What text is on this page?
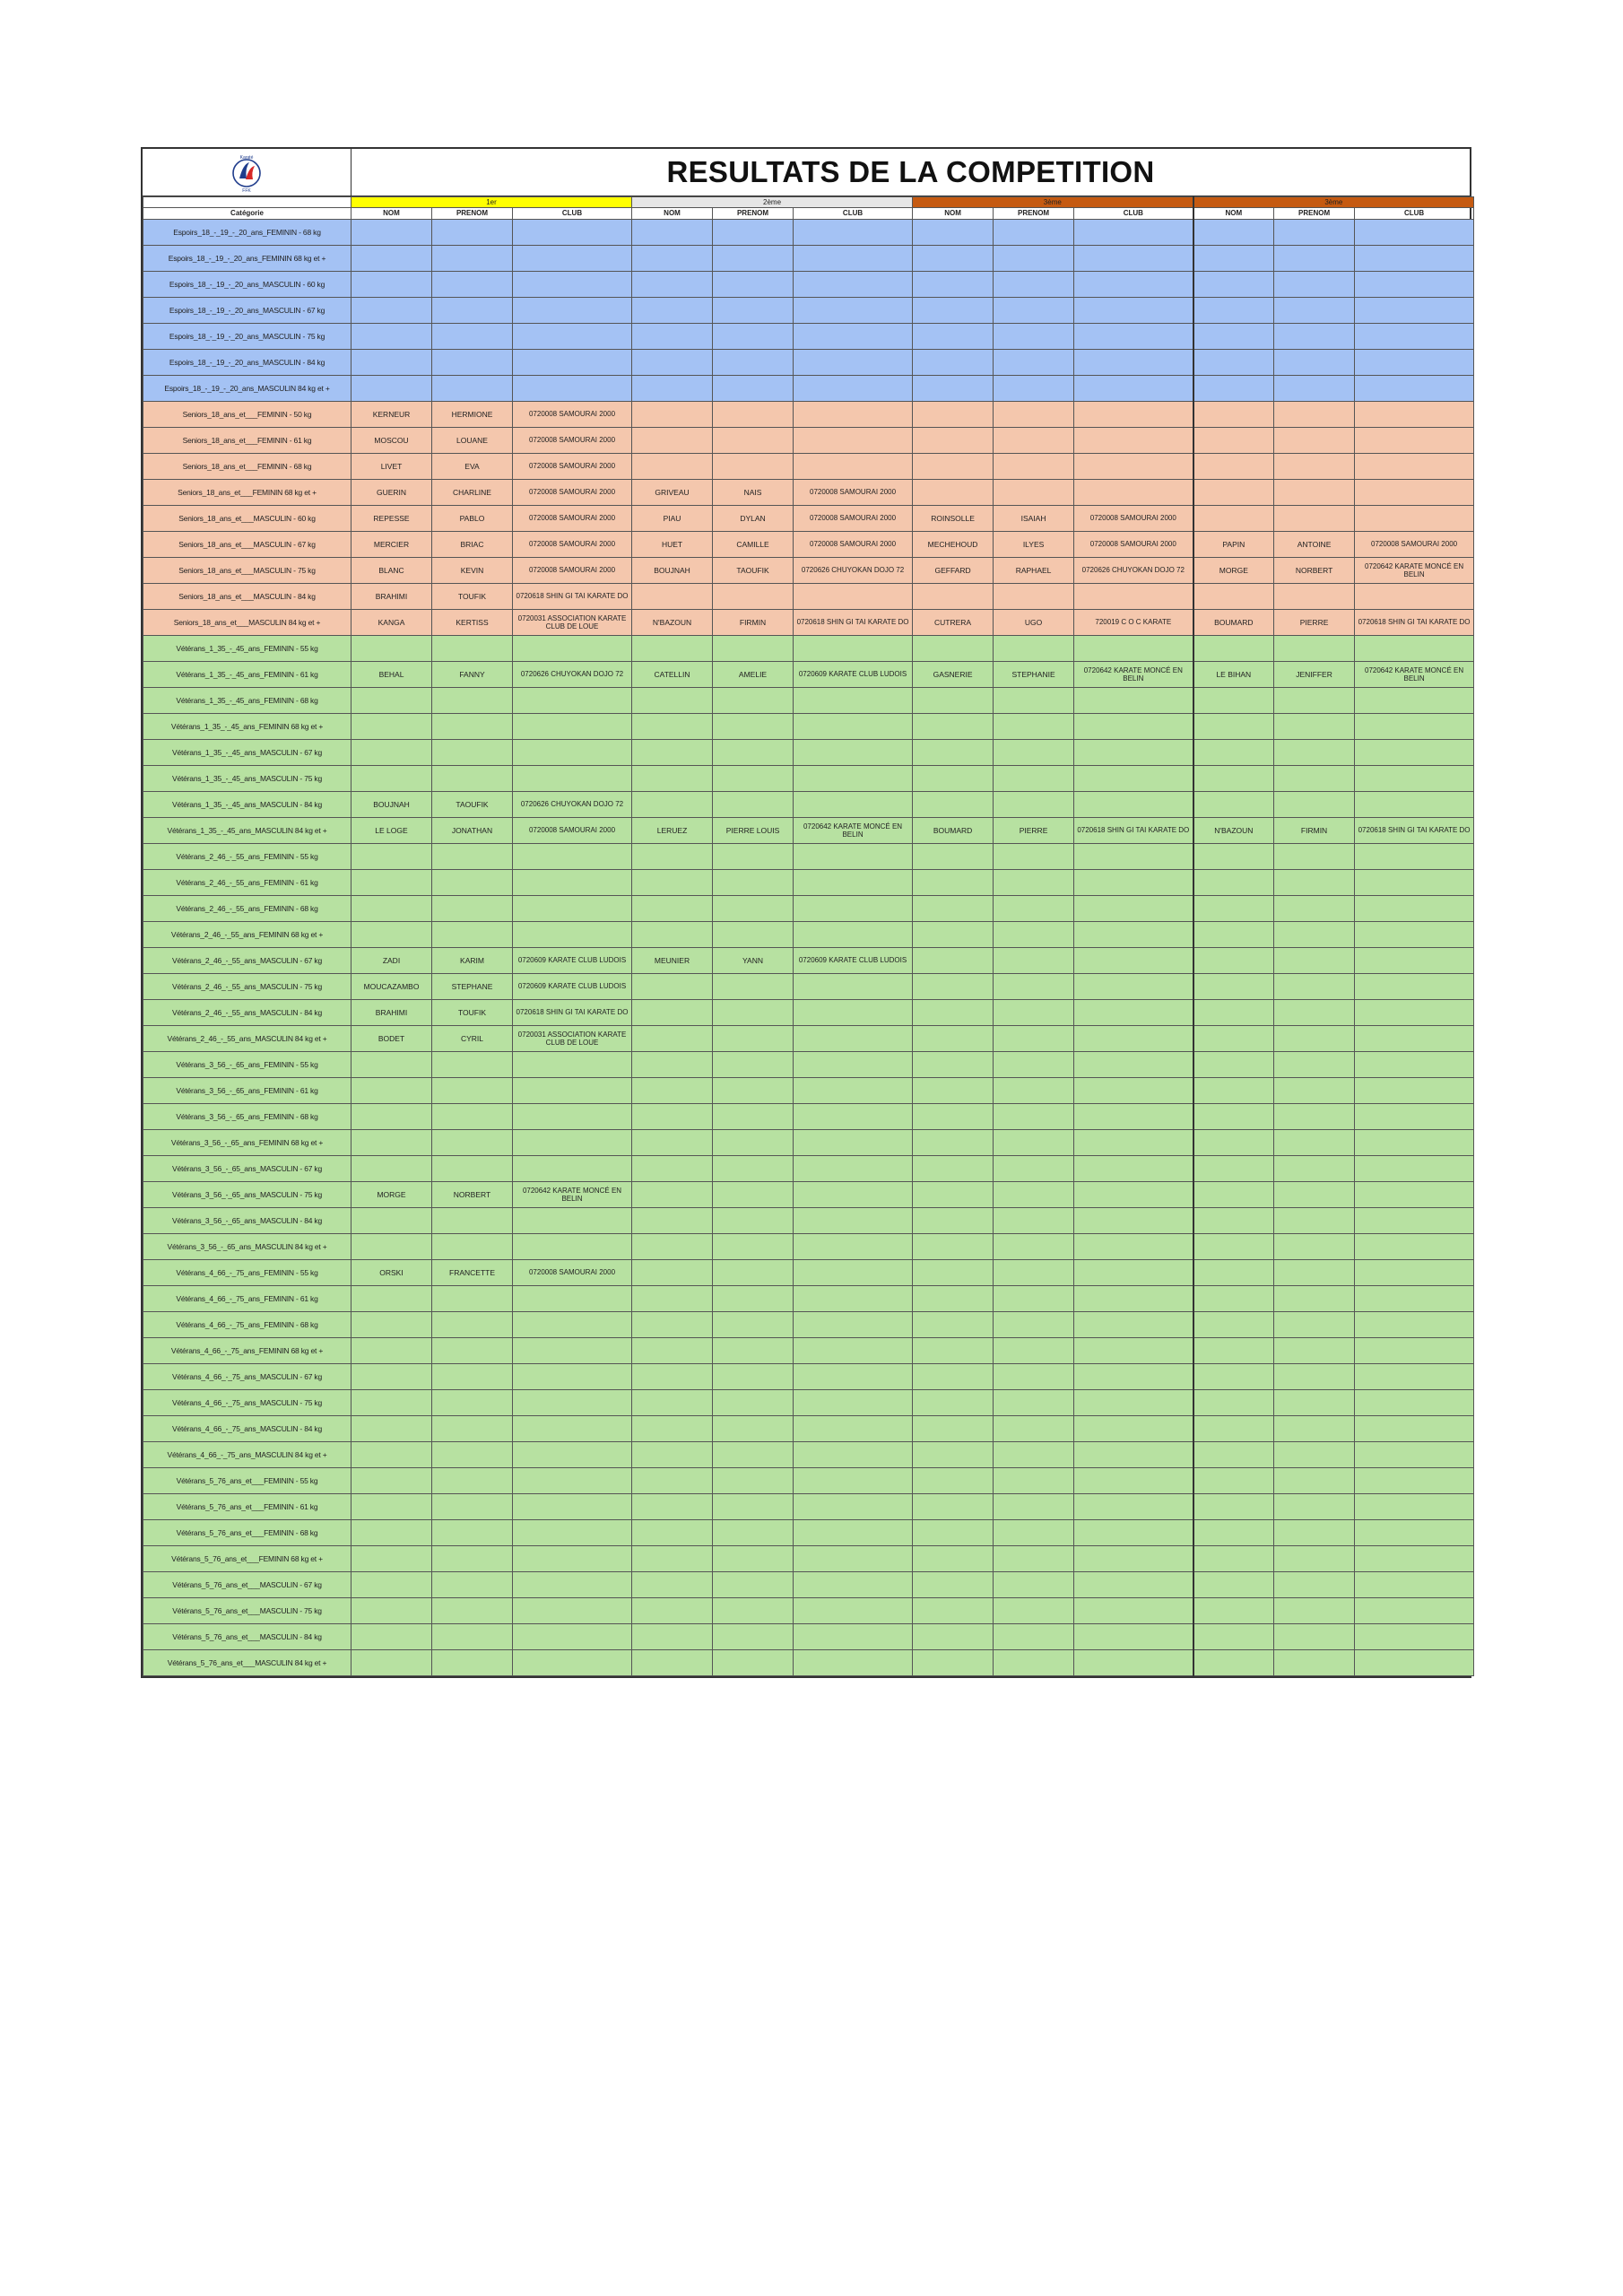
Karaté
FFK
RESULTATS DE LA COMPETITION
	1er			2ème			3ème			3ème		
Catégorie	NOM	PRENOM	CLUB	NOM	PRENOM	CLUB	NOM	PRENOM	CLUB	NOM	PRENOM	CLUB
Espoirs_18_-_19_-_20_ans_FEMININ - 68 kg												
Espoirs_18_-_19_-_20_ans_FEMININ 68 kg et +												
Espoirs_18_-_19_-_20_ans_MASCULIN - 60 kg												
Espoirs_18_-_19_-_20_ans_MASCULIN - 67 kg												
Espoirs_18_-_19_-_20_ans_MASCULIN - 75 kg												
Espoirs_18_-_19_-_20_ans_MASCULIN - 84 kg												
Espoirs_18_-_19_-_20_ans_MASCULIN 84 kg et +												
Seniors_18_ans_et___FEMININ - 50 kg	KERNEUR	HERMIONE	0720008 SAMOURAI 2000									
Seniors_18_ans_et___FEMININ - 61 kg	MOSCOU	LOUANE	0720008 SAMOURAI 2000									
Seniors_18_ans_et___FEMININ - 68 kg	LIVET	EVA	0720008 SAMOURAI 2000									
Seniors_18_ans_et___FEMININ 68 kg et +	GUERIN	CHARLINE	0720008 SAMOURAI 2000	GRIVEAU	NAIS	0720008 SAMOURAI 2000						
Seniors_18_ans_et___MASCULIN - 60 kg	REPESSE	PABLO	0720008 SAMOURAI 2000	PIAU	DYLAN	0720008 SAMOURAI 2000	ROINSOLLE	ISAIAH	0720008 SAMOURAI 2000			
Seniors_18_ans_et___MASCULIN - 67 kg	MERCIER	BRIAC	0720008 SAMOURAI 2000	HUET	CAMILLE	0720008 SAMOURAI 2000	MECHEHOUD	ILYES	0720008 SAMOURAI 2000	PAPIN	ANTOINE	0720008 SAMOURAI 2000
Seniors_18_ans_et___MASCULIN - 75 kg	BLANC	KEVIN	0720008 SAMOURAI 2000	BOUJNAH	TAOUFIK	0720626 CHUYOKAN DOJO 72	GEFFARD	RAPHAEL	0720626 CHUYOKAN DOJO 72	MORGE	NORBERT	0720642 KARATE MONCÉ EN BELIN
Seniors_18_ans_et___MASCULIN - 84 kg	BRAHIMI	TOUFIK	0720618 SHIN GI TAI KARATE DO									
Seniors_18_ans_et___MASCULIN 84 kg et +	KANGA	KERTISS	0720031 ASSOCIATION KARATE CLUB DE LOUE	N'BAZOUN	FIRMIN	0720618 SHIN GI TAI KARATE DO	CUTRERA	UGO	720019 C O C KARATE	BOUMARD	PIERRE	0720618 SHIN GI TAI KARATE DO
Vétérans_1_35_-_45_ans_FEMININ - 55 kg												
Vétérans_1_35_-_45_ans_FEMININ - 61 kg	BEHAL	FANNY	0720626 CHUYOKAN DOJO 72	CATELLIN	AMELIE	0720609 KARATE CLUB LUDOIS	GASNERIE	STEPHANIE	0720642 KARATE MONCÉ EN BELIN	LE BIHAN	JENIFFER	0720642 KARATE MONCÉ EN BELIN
Vétérans_1_35_-_45_ans_FEMININ - 68 kg												
Vétérans_1_35_-_45_ans_FEMININ 68 kg et +												
Vétérans_1_35_-_45_ans_MASCULIN - 67 kg												
Vétérans_1_35_-_45_ans_MASCULIN - 75 kg												
Vétérans_1_35_-_45_ans_MASCULIN - 84 kg	BOUJNAH	TAOUFIK	0720626 CHUYOKAN DOJO 72									
Vétérans_1_35_-_45_ans_MASCULIN 84 kg et +	LE LOGE	JONATHAN	0720008 SAMOURAI 2000	LERUEZ	PIERRE LOUIS	0720642 KARATE MONCÉ EN BELIN	BOUMARD	PIERRE	0720618 SHIN GI TAI KARATE DO	N'BAZOUN	FIRMIN	0720618 SHIN GI TAI KARATE DO
Vétérans_2_46_-_55_ans_FEMININ - 55 kg												
Vétérans_2_46_-_55_ans_FEMININ - 61 kg												
Vétérans_2_46_-_55_ans_FEMININ - 68 kg												
Vétérans_2_46_-_55_ans_FEMININ 68 kg et +												
Vétérans_2_46_-_55_ans_MASCULIN - 67 kg	ZADI	KARIM	0720609 KARATE CLUB LUDOIS	MEUNIER	YANN	0720609 KARATE CLUB LUDOIS						
Vétérans_2_46_-_55_ans_MASCULIN - 75 kg	MOUCAZAMBO	STEPHANE	0720609 KARATE CLUB LUDOIS									
Vétérans_2_46_-_55_ans_MASCULIN - 84 kg	BRAHIMI	TOUFIK	0720618 SHIN GI TAI KARATE DO									
Vétérans_2_46_-_55_ans_MASCULIN 84 kg et +	BODET	CYRIL	0720031 ASSOCIATION KARATE CLUB DE LOUE									
Vétérans_3_56_-_65_ans_FEMININ - 55 kg												
Vétérans_3_56_-_65_ans_FEMININ - 61 kg												
Vétérans_3_56_-_65_ans_FEMININ - 68 kg												
Vétérans_3_56_-_65_ans_FEMININ 68 kg et +												
Vétérans_3_56_-_65_ans_MASCULIN - 67 kg												
Vétérans_3_56_-_65_ans_MASCULIN - 75 kg	MORGE	NORBERT	0720642 KARATE MONCÉ EN BELIN									
Vétérans_3_56_-_65_ans_MASCULIN - 84 kg												
Vétérans_3_56_-_65_ans_MASCULIN 84 kg et +												
Vétérans_4_66_-_75_ans_FEMININ - 55 kg	ORSKI	FRANCETTE	0720008 SAMOURAI 2000									
Vétérans_4_66_-_75_ans_FEMININ - 61 kg												
Vétérans_4_66_-_75_ans_FEMININ - 68 kg												
Vétérans_4_66_-_75_ans_FEMININ 68 kg et +												
Vétérans_4_66_-_75_ans_MASCULIN - 67 kg												
Vétérans_4_66_-_75_ans_MASCULIN - 75 kg												
Vétérans_4_66_-_75_ans_MASCULIN - 84 kg												
Vétérans_4_66_-_75_ans_MASCULIN 84 kg et +												
Vétérans_5_76_ans_et___FEMININ - 55 kg												
Vétérans_5_76_ans_et___FEMININ - 61 kg												
Vétérans_5_76_ans_et___FEMININ - 68 kg												
Vétérans_5_76_ans_et___FEMININ 68 kg et +												
Vétérans_5_76_ans_et___MASCULIN - 67 kg												
Vétérans_5_76_ans_et___MASCULIN - 75 kg												
Vétérans_5_76_ans_et___MASCULIN - 84 kg												
Vétérans_5_76_ans_et___MASCULIN 84 kg et +												
